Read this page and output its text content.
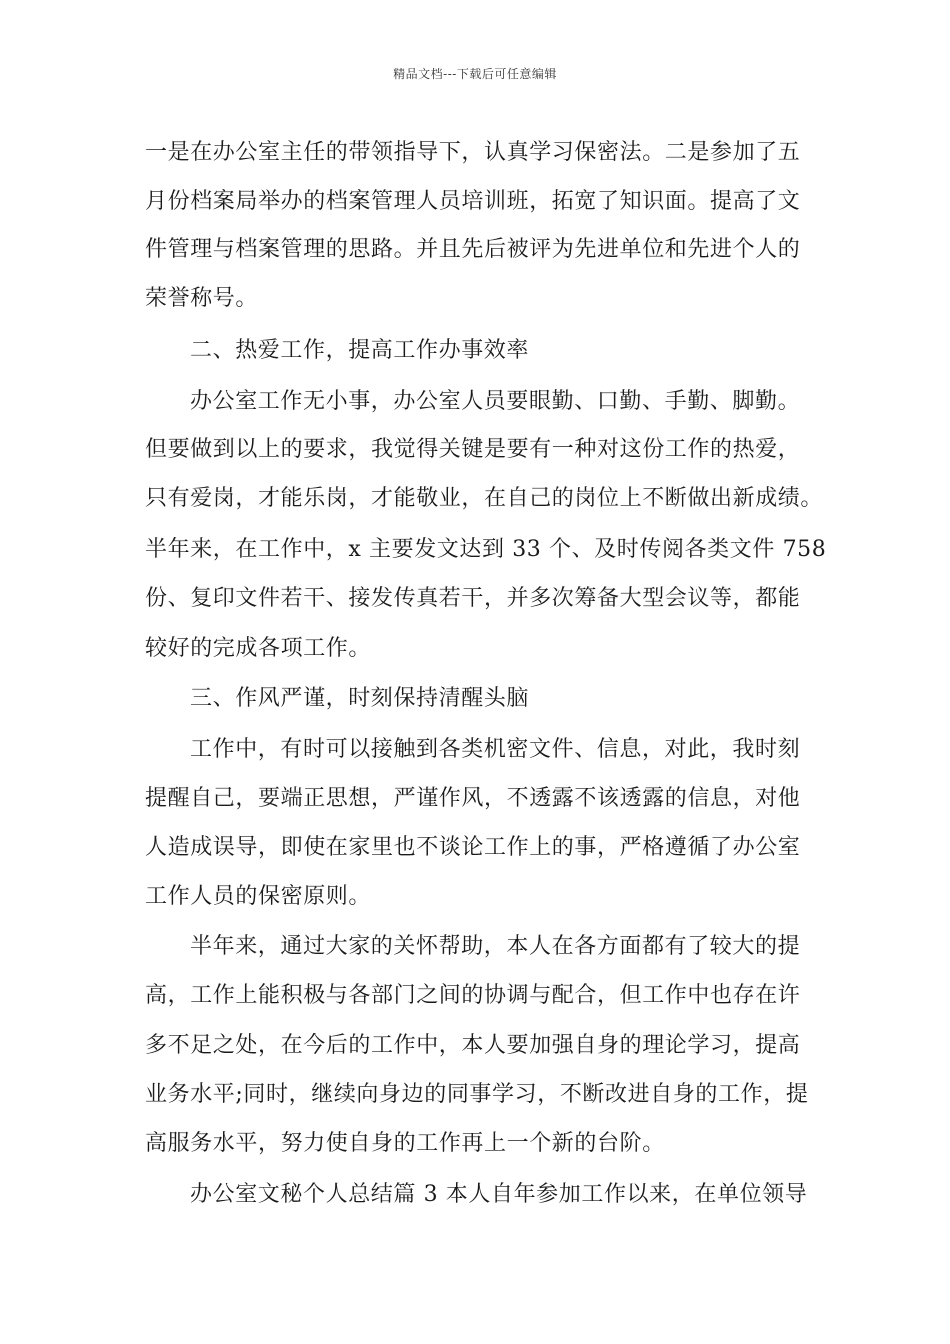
精品文档---下载后可任意编辑
一是在办公室主任的带领指导下，认真学习保密法。二是参加了五
月份档案局举办的档案管理人员培训班，拓宽了知识面。提高了文
件管理与档案管理的思路。并且先后被评为先进单位和先进个人的
荣誉称号。
二、热爱工作，提高工作办事效率
办公室工作无小事，办公室人员要眼勤、口勤、手勤、脚勤。
但要做到以上的要求，我觉得关键是要有一种对这份工作的热爱，
只有爱岗，才能乐岗，才能敬业，在自己的岗位上不断做出新成绩。
半年来，在工作中，x 主要发文达到 33 个、及时传阅各类文件 758
份、复印文件若干、接发传真若干，并多次筹备大型会议等，都能
较好的完成各项工作。
三、作风严谨，时刻保持清醒头脑
工作中，有时可以接触到各类机密文件、信息，对此，我时刻
提醒自己，要端正思想，严谨作风，不透露不该透露的信息，对他
人造成误导，即使在家里也不谈论工作上的事，严格遵循了办公室
工作人员的保密原则。
半年来，通过大家的关怀帮助，本人在各方面都有了较大的提
高，工作上能积极与各部门之间的协调与配合，但工作中也存在许
多不足之处，在今后的工作中，本人要加强自身的理论学习，提高
业务水平;同时，继续向身边的同事学习，不断改进自身的工作，提
高服务水平，努力使自身的工作再上一个新的台阶。
办公室文秘个人总结篇 3 本人自年参加工作以来，在单位领导
